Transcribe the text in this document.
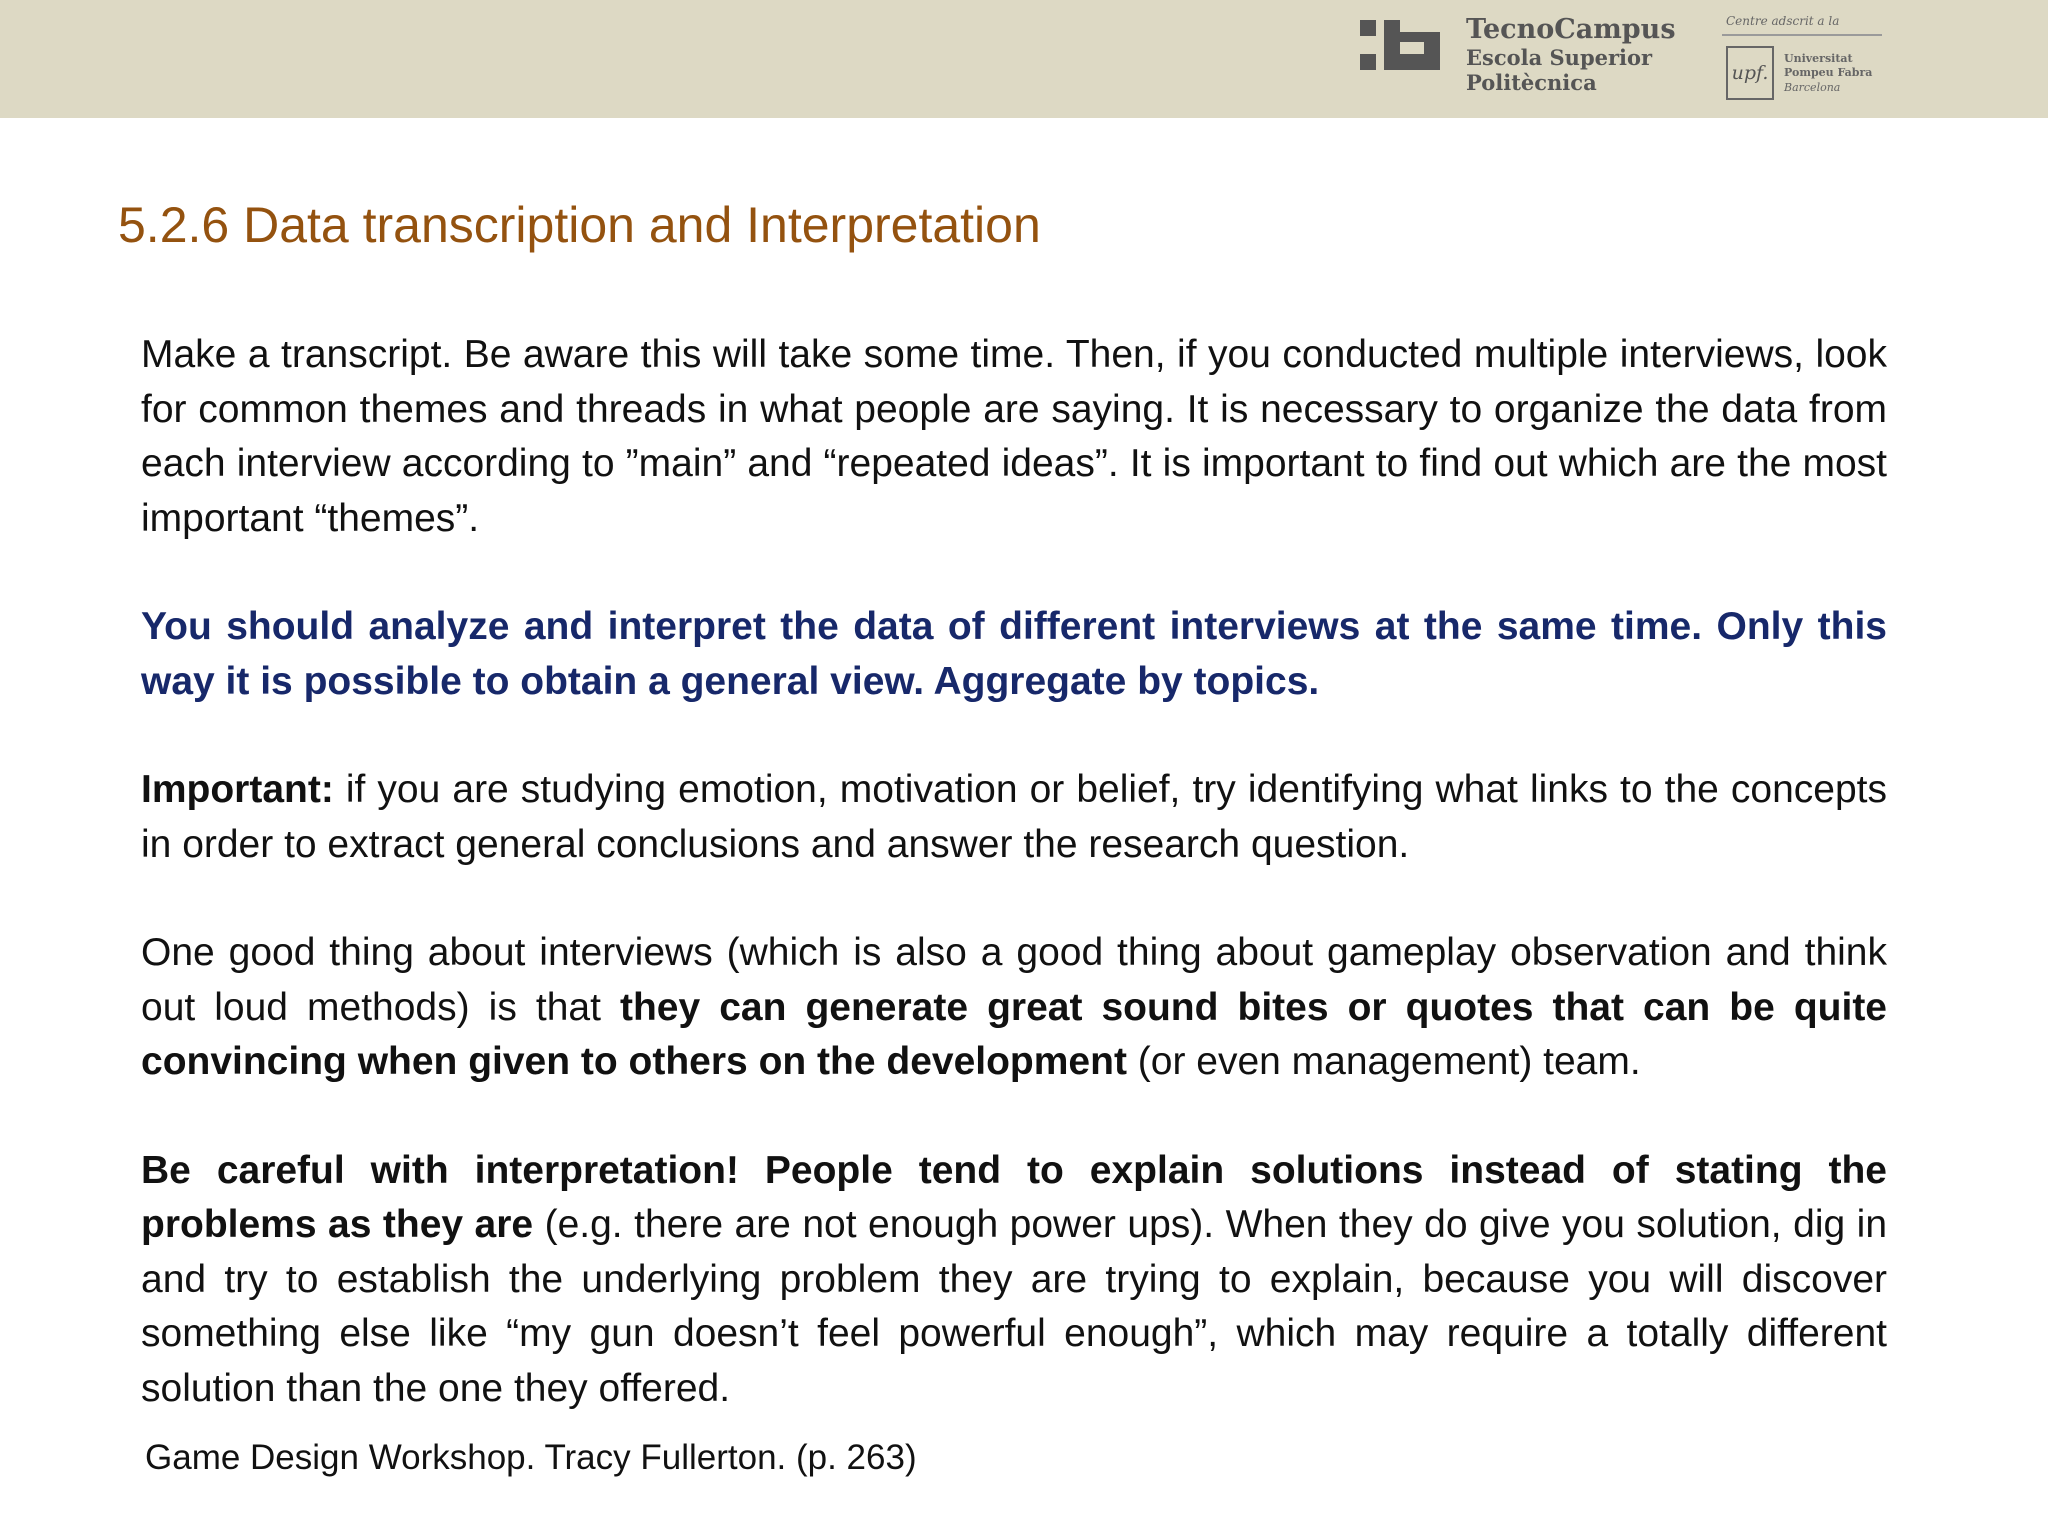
TecnoCampus
Escola Superior
Politècnica
Centre adscrit a la
upf.
Universitat
Pompeu Fabra
Barcelona
5.2.6 Data transcription and Interpretation

Make a transcript. Be aware this will take some time. Then, if you conducted multiple interviews, look for common themes and threads in what people are saying. It is necessary to organize the data from each interview according to ”main” and “repeated ideas”. It is important to find out which are the most important “themes”.

You should analyze and interpret the data of different interviews at the same time. Only this way it is possible to obtain a general view. Aggregate by topics.

Important: if you are studying emotion, motivation or belief, try identifying what links to the concepts in order to extract general conclusions and answer the research question.

One good thing about interviews (which is also a good thing about gameplay observation and think out loud methods) is that they can generate great sound bites or quotes that can be quite convincing when given to others on the development (or even management) team.

Be careful with interpretation! People tend to explain solutions instead of stating the problems as they are (e.g. there are not enough power ups). When they do give you solution, dig in and try to establish the underlying problem they are trying to explain, because you will discover something else like “my gun doesn’t feel powerful enough”, which may require a totally different solution than the one they offered.

Game Design Workshop. Tracy Fullerton. (p. 263)
